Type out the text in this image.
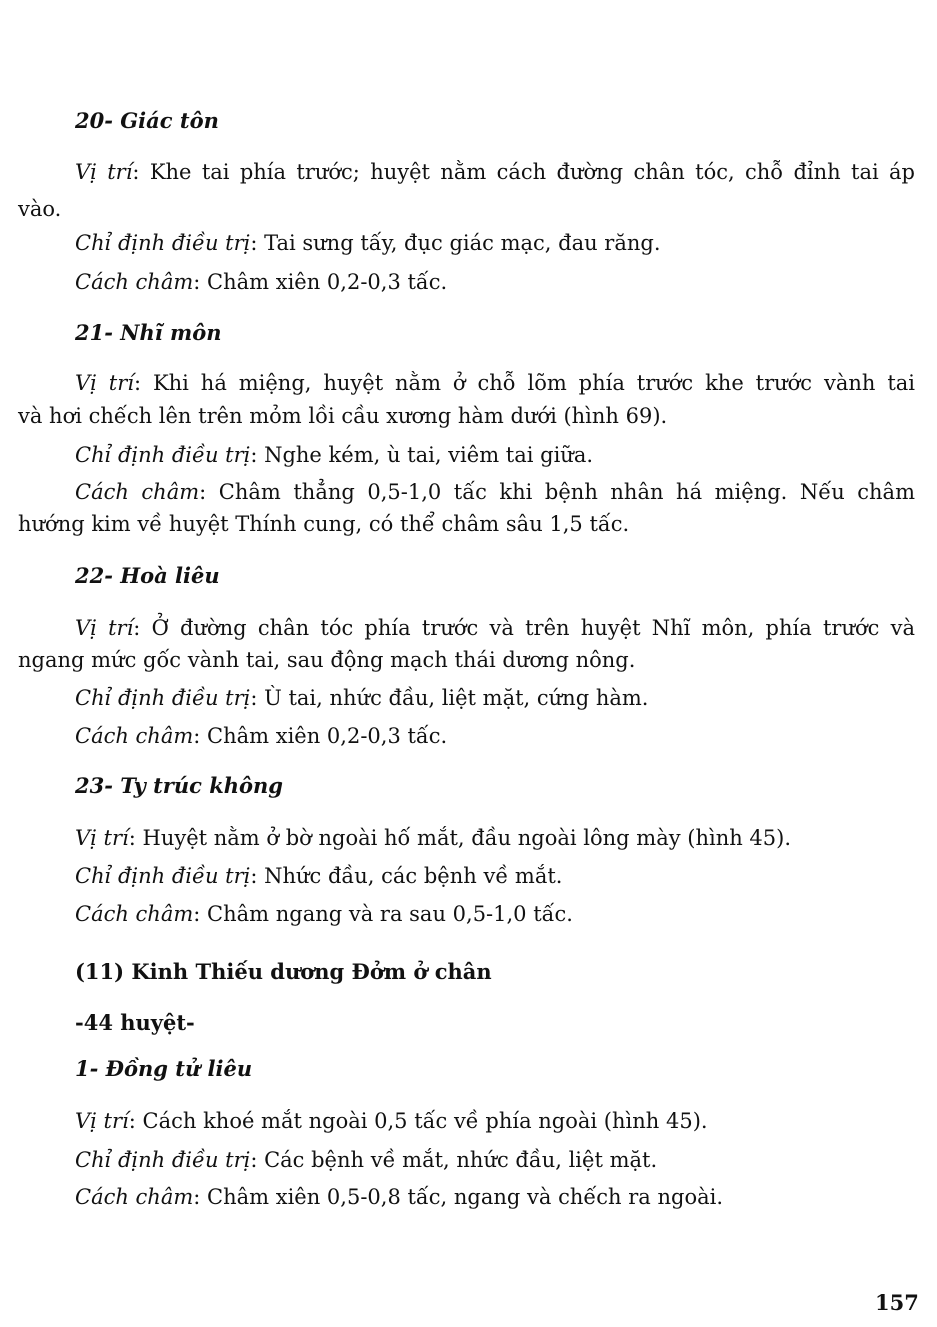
20- Giác tôn
Vị trí: Khe tai phía trước; huyệt nằm cách đường chân tóc, chỗ đỉnh tai áp
vào.
Chỉ định điều trị: Tai sưng tấy, đục giác mạc, đau răng.
Cách châm: Châm xiên 0,2-0,3 tấc.
21- Nhĩ môn
Vị trí: Khi há miệng, huyệt nằm ở chỗ lõm phía trước khe trước vành tai
và hơi chếch lên trên mỏm lồi cầu xương hàm dưới (hình 69).
Chỉ định điều trị: Nghe kém, ù tai, viêm tai giữa.
Cách châm: Châm thẳng 0,5-1,0 tấc khi bệnh nhân há miệng. Nếu châm
hướng kim về huyệt Thính cung, có thể châm sâu 1,5 tấc.
22- Hoà liêu
Vị trí: Ở đường chân tóc phía trước và trên huyệt Nhĩ môn, phía trước và
ngang mức gốc vành tai, sau động mạch thái dương nông.
Chỉ định điều trị: Ù tai, nhức đầu, liệt mặt, cứng hàm.
Cách châm: Châm xiên 0,2-0,3 tấc.
23- Ty trúc không
Vị trí: Huyệt nằm ở bờ ngoài hố mắt, đầu ngoài lông mày (hình 45).
Chỉ định điều trị: Nhức đầu, các bệnh về mắt.
Cách châm: Châm ngang và ra sau 0,5-1,0 tấc.
(11) Kinh Thiếu dương Đởm ở chân
-44 huyệt-
1- Đồng tử liêu
Vị trí: Cách khoé mắt ngoài 0,5 tấc về phía ngoài (hình 45).
Chỉ định điều trị: Các bệnh về mắt, nhức đầu, liệt mặt.
Cách châm: Châm xiên 0,5-0,8 tấc, ngang và chếch ra ngoài.
157
